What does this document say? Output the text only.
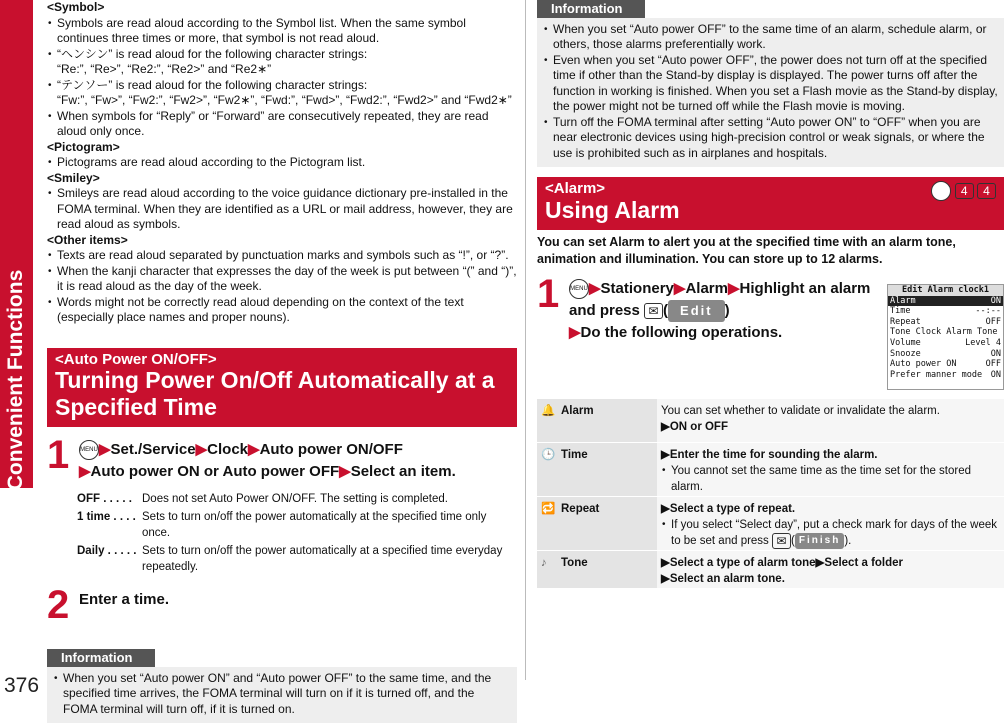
Convenient Functions
376
<Symbol>
• Symbols are read aloud according to the Symbol list. When the same symbol continues three times or more, that symbol is not read aloud.
• “ヘンシン” is read aloud for the following character strings:
“Re:”, “Re>”, “Re2:”, “Re2>” and “Re2∗”
• “テンソー” is read aloud for the following character strings:
“Fw:”, “Fw>”, “Fw2:”, “Fw2>”, “Fw2∗”, “Fwd:”, “Fwd>”, “Fwd2:”, “Fwd2>” and “Fwd2∗”
• When symbols for “Reply” or “Forward” are consecutively repeated, they are read aloud only once.
<Pictogram>
• Pictograms are read aloud according to the Pictogram list.
<Smiley>
• Smileys are read aloud according to the voice guidance dictionary pre-installed in the FOMA terminal. When they are identified as a URL or mail address, however, they are read aloud as symbols.
<Other items>
• Texts are read aloud separated by punctuation marks and symbols such as “!”, or “?”.
• When the kanji character that expresses the day of the week is put between “(” and “)”, it is read aloud as the day of the week.
• Words might not be correctly read aloud depending on the context of the text (especially place names and proper nouns).
<Auto Power ON/OFF>
Turning Power On/Off Automatically at a Specified Time
1 MENU▶Set./Service▶Clock▶Auto power ON/OFF
▶Auto power ON or Auto power OFF▶Select an item.
OFF . . . . . Does not set Auto Power ON/OFF. The setting is completed.
1 time . . . . Sets to turn on/off the power automatically at the specified time only once.
Daily . . . . . Sets to turn on/off the power automatically at a specified time everyday repeatedly.
2 Enter a time.
Information
• When you set “Auto power ON” and “Auto power OFF” to the same time, and the specified time arrives, the FOMA terminal will turn on if it is turned off, and the FOMA terminal will turn off, if it is turned on.
Information
• When you set “Auto power OFF” to the same time of an alarm, schedule alarm, or others, those alarms preferentially work.
• Even when you set “Auto power OFF”, the power does not turn off at the specified time if other than the Stand-by display is displayed. The power turns off after the function in working is finished. When you set a Flash movie as the Stand-by display, the power might not be turned off while the Flash movie is moving.
• Turn off the FOMA terminal after setting “Auto power ON” to “OFF” when you are near electronic devices using high-precision control or weak signals, or where the use is prohibited such as in airplanes and hospitals.
<Alarm>
Using Alarm
MENU 4 4
You can set Alarm to alert you at the specified time with an alarm tone, animation and illumination. You can store up to 12 alarms.
1 MENU▶Stationery▶Alarm▶Highlight an alarm and press ✉ ( Edit )
▶Do the following operations.
Edit Alarm clock1
Alarm	ON
Time	--:--
Repeat	OFF
Tone Clock Alarm Tone
Volume	Level 4
Snooze	ON
Auto power ON	OFF
Prefer manner mode ON
🔔 Alarm	You can set whether to validate or invalidate the alarm.
▶ON or OFF
🕒 Time	▶Enter the time for sounding the alarm.
• You cannot set the same time as the time set for the stored alarm.
🔁 Repeat	▶Select a type of repeat.
• If you select “Select day”, put a check mark for days of the week to be set and press ✉ ( Finish ).
♪ Tone	▶Select a type of alarm tone▶Select a folder
▶Select an alarm tone.
